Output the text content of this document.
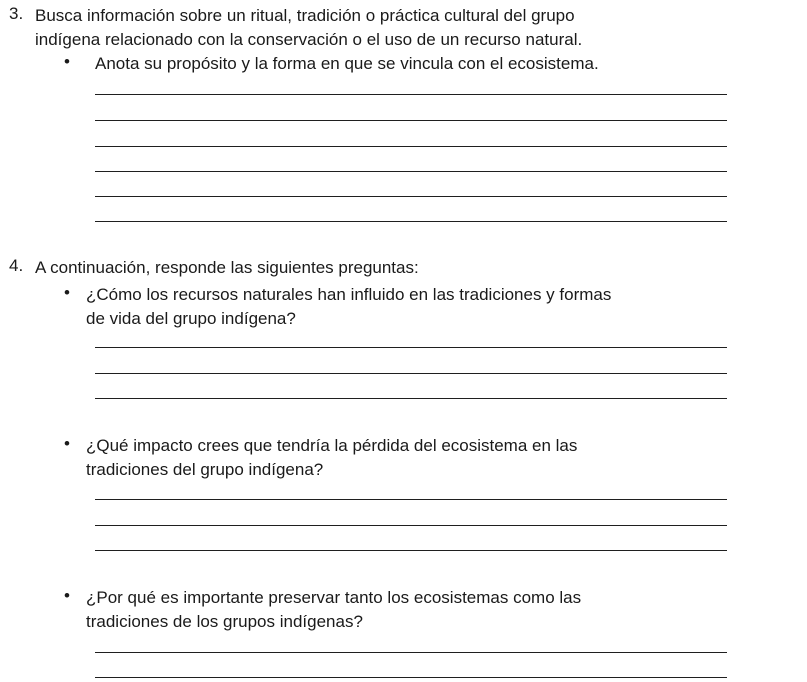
3. Busca información sobre un ritual, tradición o práctica cultural del grupo
indígena relacionado con la conservación o el uso de un recurso natural.
• Anota su propósito y la forma en que se vincula con el ecosistema.
4. A continuación, responde las siguientes preguntas:
• ¿Cómo los recursos naturales han influido en las tradiciones y formas
de vida del grupo indígena?
• ¿Qué impacto crees que tendría la pérdida del ecosistema en las
tradiciones del grupo indígena?
• ¿Por qué es importante preservar tanto los ecosistemas como las
tradiciones de los grupos indígenas?
